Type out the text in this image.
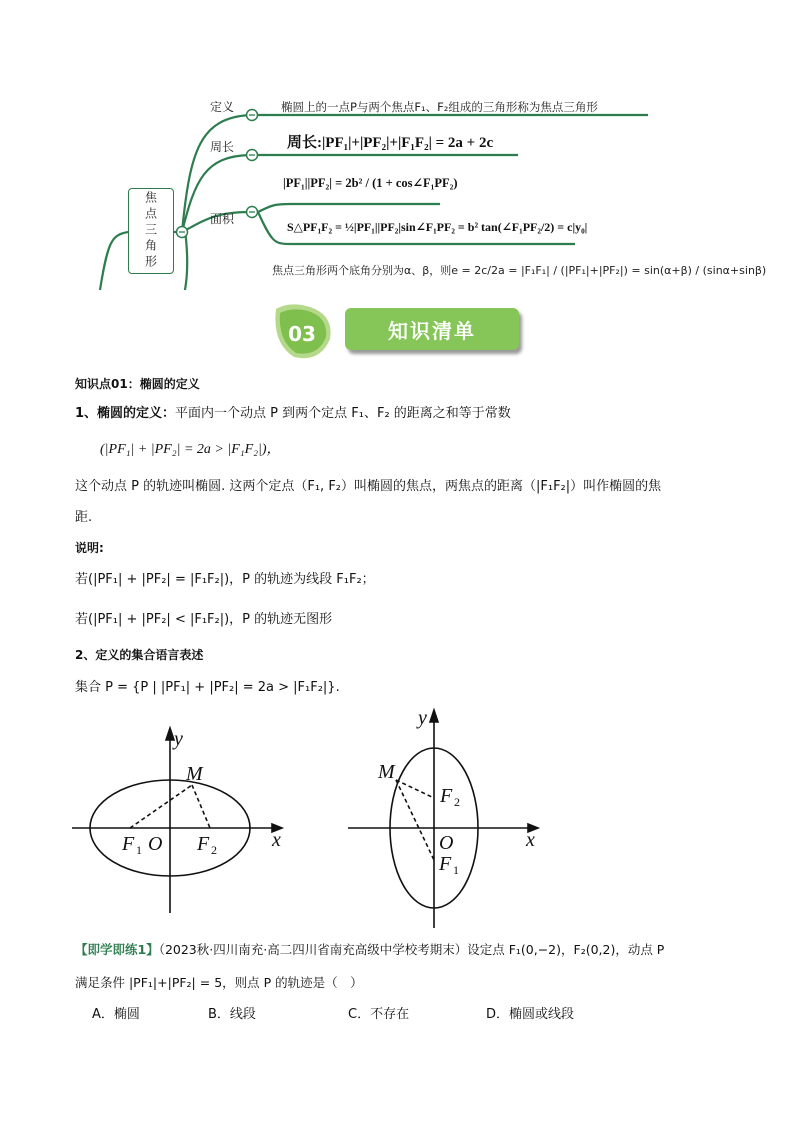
焦点三角形
定义	椭圆上的一点P与两个焦点F₁、F₂组成的三角形称为焦点三角形
周长	周长:|PF₁|+|PF₂|+|F₁F₂| = 2a + 2c
面积
|PF₁||PF₂| = 2b² / (1 + cos∠F₁PF₂)
S△PF₁F₂ = ½|PF₁||PF₂|sin∠F₁PF₂ = b² tan(∠F₁PF₂/2) = c|y₀|
焦点三角形两个底角分别为α、β，则e = 2c/2a = |F₁F₁| / (|PF₁|+|PF₂|) = sin(α+β) / (sinα+sinβ)
03	知识清单
知识点01：椭圆的定义
1、椭圆的定义：平面内一个动点 P 到两个定点 F₁、F₂ 的距离之和等于常数
(|PF₁| + |PF₂| = 2a > |F₁F₂|)，
这个动点 P 的轨迹叫椭圆. 这两个定点（F₁, F₂）叫椭圆的焦点，两焦点的距离（|F₁F₂|）叫作椭圆的焦
距.
说明:
若(|PF₁| + |PF₂| = |F₁F₂|)，P 的轨迹为线段 F₁F₂；
若(|PF₁| + |PF₂| < |F₁F₂|)，P 的轨迹无图形
2、定义的集合语言表述
集合 P = {P | |PF₁| + |PF₂| = 2a > |F₁F₂|}.
y
x
M
F 1 O F 2
y
x
M
F 2
O
F 1
【即学即练1】（2023秋·四川南充·高二四川省南充高级中学校考期末）设定点 F₁(0,−2)，F₂(0,2)，动点 P
满足条件 |PF₁|+|PF₂| = 5，则点 P 的轨迹是（　）
A．椭圆	B．线段	C．不存在	D．椭圆或线段
